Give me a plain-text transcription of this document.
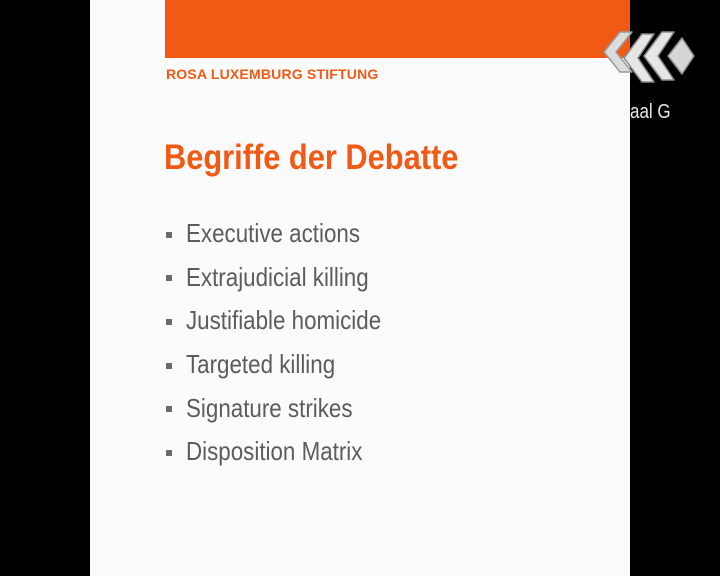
ROSA LUXEMBURG STIFTUNG
Begriffe der Debatte
Executive actions
Extrajudicial killing
Justifiable homicide
Targeted killing
Signature strikes
Disposition Matrix
aal G
